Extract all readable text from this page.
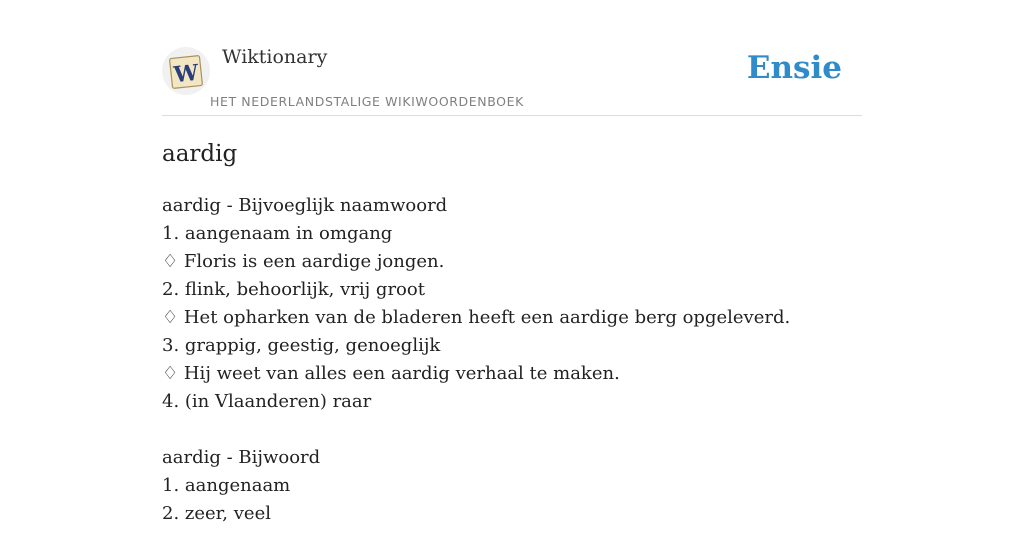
W
Wiktionary
HET NEDERLANDSTALIGE WIKIWOORDENBOEK
Ensie
aardig
aardig - Bijvoeglijk naamwoord
1. aangenaam in omgang
♢ Floris is een aardige jongen.
2. flink, behoorlijk, vrij groot
♢ Het opharken van de bladeren heeft een aardige berg opgeleverd.
3. grappig, geestig, genoeglijk
♢ Hij weet van alles een aardig verhaal te maken.
4. (in Vlaanderen) raar
aardig - Bijwoord
1. aangenaam
2. zeer, veel
